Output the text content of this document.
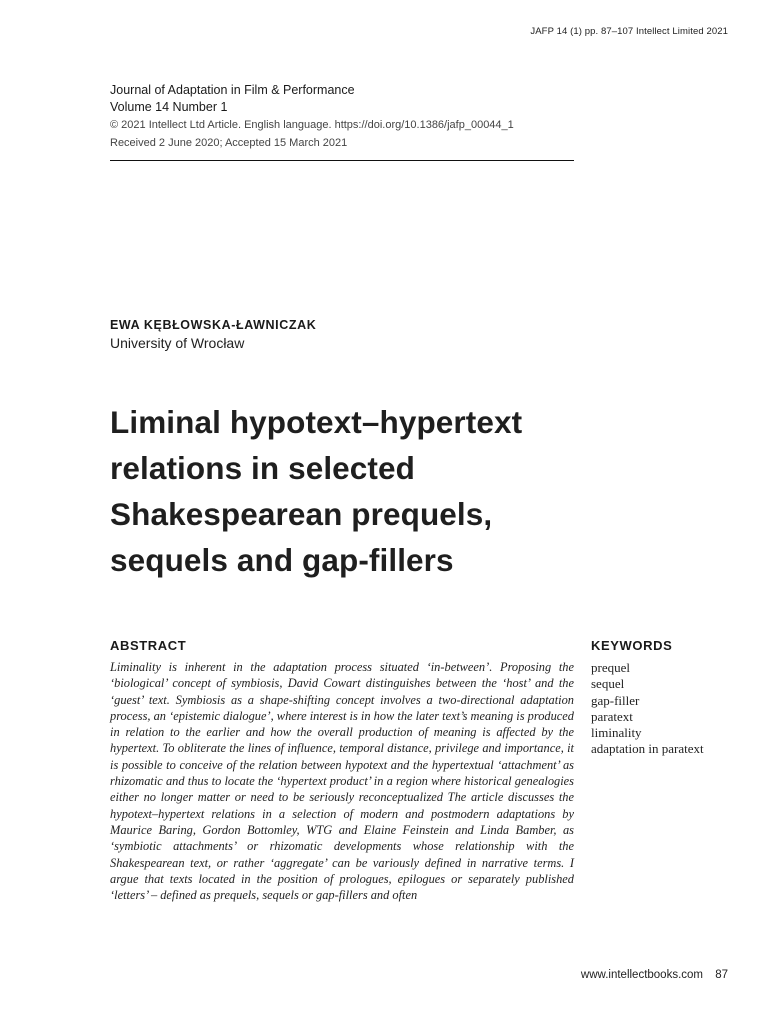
JAFP 14 (1) pp. 87–107 Intellect Limited 2021
Journal of Adaptation in Film & Performance
Volume 14 Number 1
© 2021 Intellect Ltd Article. English language. https://doi.org/10.1386/jafp_00044_1
Received 2 June 2020; Accepted 15 March 2021
EWA KĘBŁOWSKA-ŁAWNICZAK
University of Wrocław
Liminal hypotext–hypertext relations in selected Shakespearean prequels, sequels and gap-fillers
ABSTRACT

Liminality is inherent in the adaptation process situated ‘in-between’. Proposing the ‘biological’ concept of symbiosis, David Cowart distinguishes between the ‘host’ and the ‘guest’ text. Symbiosis as a shape-shifting concept involves a two-directional adaptation process, an ‘epistemic dialogue’, where interest is in how the later text’s meaning is produced in relation to the earlier and how the overall production of meaning is affected by the hypertext. To obliterate the lines of influence, temporal distance, privilege and importance, it is possible to conceive of the relation between hypotext and the hypertextual ‘attachment’ as rhizomatic and thus to locate the ‘hypertext product’ in a region where historical genealogies either no longer matter or need to be seriously reconceptualized The article discusses the hypotext–hypertext relations in a selection of modern and postmodern adaptations by Maurice Baring, Gordon Bottomley, WTG and Elaine Feinstein and Linda Bamber, as ‘symbiotic attachments’ or rhizomatic developments whose relationship with the Shakespearean text, or rather ‘aggregate’ can be variously defined in narrative terms. I argue that texts located in the position of prologues, epilogues or separately published ‘letters’ – defined as prequels, sequels or gap-fillers and often

KEYWORDS
prequel
sequel
gap-filler
paratext
liminality
adaptation in paratext
www.intellectbooks.com 87
